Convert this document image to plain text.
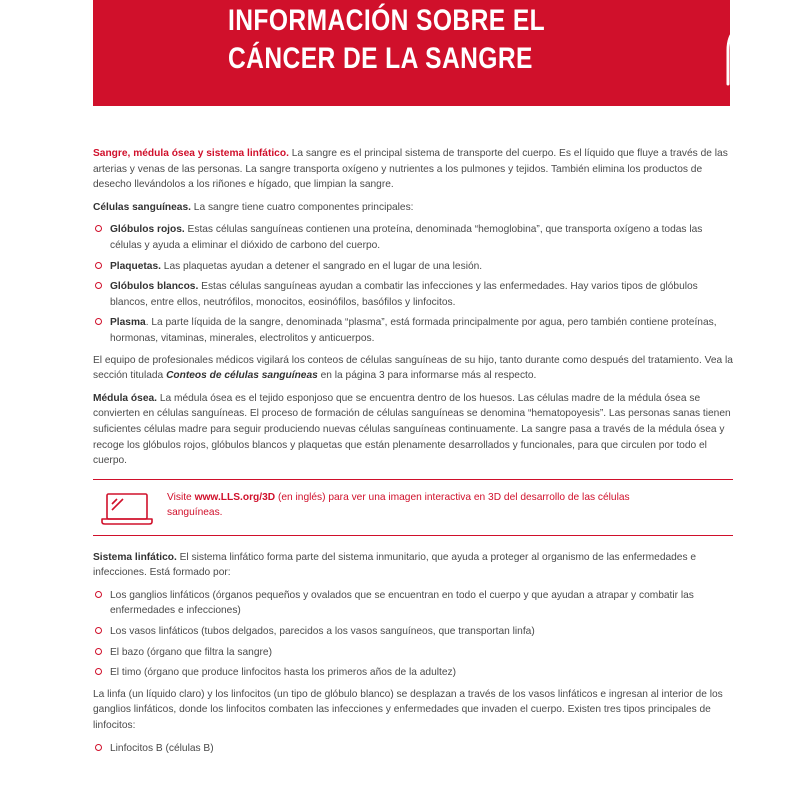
INFORMACIÓN SOBRE EL
CÁNCER DE LA SANGRE

Sangre, médula ósea y sistema linfático. La sangre es el principal sistema de transporte del cuerpo. Es el líquido que fluye a través de las arterias y venas de las personas. La sangre transporta oxígeno y nutrientes a los pulmones y tejidos. También elimina los productos de desecho llevándolos a los riñones e hígado, que limpian la sangre.

Células sanguíneas. La sangre tiene cuatro componentes principales:

Glóbulos rojos. Estas células sanguíneas contienen una proteína, denominada “hemoglobina”, que transporta oxígeno a todas las células y ayuda a eliminar el dióxido de carbono del cuerpo.
Plaquetas. Las plaquetas ayudan a detener el sangrado en el lugar de una lesión.
Glóbulos blancos. Estas células sanguíneas ayudan a combatir las infecciones y las enfermedades. Hay varios tipos de glóbulos blancos, entre ellos, neutrófilos, monocitos, eosinófilos, basófilos y linfocitos.
Plasma. La parte líquida de la sangre, denominada “plasma”, está formada principalmente por agua, pero también contiene proteínas, hormonas, vitaminas, minerales, electrolitos y anticuerpos.

El equipo de profesionales médicos vigilará los conteos de células sanguíneas de su hijo, tanto durante como después del tratamiento. Vea la sección titulada Conteos de células sanguíneas en la página 3 para informarse más al respecto.

Médula ósea. La médula ósea es el tejido esponjoso que se encuentra dentro de los huesos. Las células madre de la médula ósea se convierten en células sanguíneas. El proceso de formación de células sanguíneas se denomina “hematopoyesis”. Las personas sanas tienen suficientes células madre para seguir produciendo nuevas células sanguíneas continuamente. La sangre pasa a través de la médula ósea y recoge los glóbulos rojos, glóbulos blancos y plaquetas que están plenamente desarrollados y funcionales, para que circulen por todo el cuerpo.

Visite www.LLS.org/3D (en inglés) para ver una imagen interactiva en 3D del desarrollo de las células sanguíneas.

Sistema linfático. El sistema linfático forma parte del sistema inmunitario, que ayuda a proteger al organismo de las enfermedades e infecciones. Está formado por:

Los ganglios linfáticos (órganos pequeños y ovalados que se encuentran en todo el cuerpo y que ayudan a atrapar y combatir las enfermedades e infecciones)
Los vasos linfáticos (tubos delgados, parecidos a los vasos sanguíneos, que transportan linfa)
El bazo (órgano que filtra la sangre)
El timo (órgano que produce linfocitos hasta los primeros años de la adultez)

La linfa (un líquido claro) y los linfocitos (un tipo de glóbulo blanco) se desplazan a través de los vasos linfáticos e ingresan al interior de los ganglios linfáticos, donde los linfocitos combaten las infecciones y enfermedades que invaden el cuerpo. Existen tres tipos principales de linfocitos:

Linfocitos B (células B)
